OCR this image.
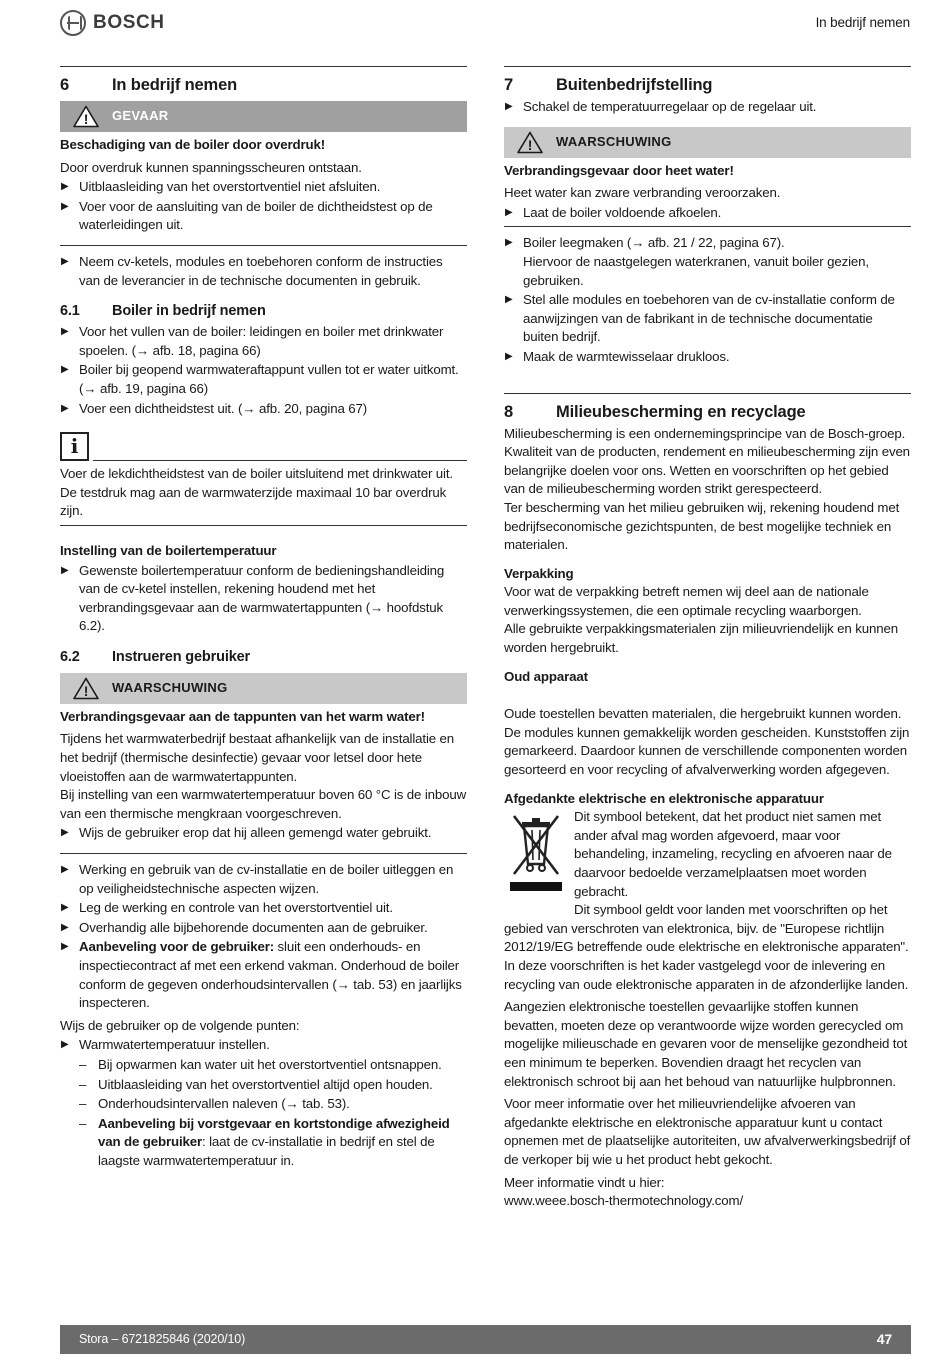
BOSCH	In bedrijf nemen
6	In bedrijf nemen
! GEVAAR

Beschadiging van de boiler door overdruk!

Door overdruk kunnen spanningsscheuren ontstaan.

▶ Uitblaasleiding van het overstortventiel niet afsluiten.
▶ Voer voor de aansluiting van de boiler de dichtheidstest op de waterleidingen uit.
▶ Neem cv-ketels, modules en toebehoren conform de instructies van de leverancier in de technische documenten in gebruik.
6.1	Boiler in bedrijf nemen
▶ Voor het vullen van de boiler: leidingen en boiler met drinkwater spoelen. (→ afb. 18, pagina 66)
▶ Boiler bij geopend warmwateraftappunt vullen tot er water uitkomt. (→ afb. 19, pagina 66)
▶ Voer een dichtheidstest uit. (→ afb. 20, pagina 67)
i

Voer de lekdichtheidstest van de boiler uitsluitend met drinkwater uit. De testdruk mag aan de warmwaterzijde maximaal 10 bar overdruk zijn.

Instelling van de boilertemperatuur

▶ Gewenste boilertemperatuur conform de bedieningshandleiding van de cv-ketel instellen, rekening houdend met het verbrandingsgevaar aan de warmwatertappunten (→ hoofdstuk 6.2).
6.2	Instrueren gebruiker
! WAARSCHUWING

Verbrandingsgevaar aan de tappunten van het warm water!

Tijdens het warmwaterbedrijf bestaat afhankelijk van de installatie en het bedrijf (thermische desinfectie) gevaar voor letsel door hete vloeistoffen aan de warmwatertappunten.

Bij instelling van een warmwatertemperatuur boven 60 °C is de inbouw van een thermische mengkraan voorgeschreven.

▶ Wijs de gebruiker erop dat hij alleen gemengd water gebruikt.
▶ Werking en gebruik van de cv-installatie en de boiler uitleggen en op veiligheidstechnische aspecten wijzen.
▶ Leg de werking en controle van het overstortventiel uit.
▶ Overhandig alle bijbehorende documenten aan de gebruiker.
▶ Aanbeveling voor de gebruiker: sluit een onderhouds- en inspectiecontract af met een erkend vakman. Onderhoud de boiler conform de gegeven onderhoudsintervallen (→ tab. 53) en jaarlijks inspecteren.

Wijs de gebruiker op de volgende punten:

▶ Warmwatertemperatuur instellen.
– Bij opwarmen kan water uit het overstortventiel ontsnappen.
– Uitblaasleiding van het overstortventiel altijd open houden.
– Onderhoudsintervallen naleven (→ tab. 53).
– Aanbeveling bij vorstgevaar en kortstondige afwezigheid van de gebruiker: laat de cv-installatie in bedrijf en stel de laagste warmwatertemperatuur in.
7	Buitenbedrijfstelling
▶ Schakel de temperatuurregelaar op de regelaar uit.
! WAARSCHUWING

Verbrandingsgevaar door heet water!

Heet water kan zware verbranding veroorzaken.

▶ Laat de boiler voldoende afkoelen.
▶ Boiler leegmaken (→ afb. 21 / 22, pagina 67).
Hiervoor de naastgelegen waterkranen, vanuit boiler gezien, gebruiken.
▶ Stel alle modules en toebehoren van de cv-installatie conform de aanwijzingen van de fabrikant in de technische documentatie buiten bedrijf.
▶ Maak de warmtewisselaar drukloos.
8	Milieubescherming en recyclage

Milieubescherming is een ondernemingsprincipe van de Bosch-groep. Kwaliteit van de producten, rendement en milieubescherming zijn even belangrijke doelen voor ons. Wetten en voorschriften op het gebied van de milieubescherming worden strikt gerespecteerd.

Ter bescherming van het milieu gebruiken wij, rekening houdend met bedrijfseconomische gezichtspunten, de best mogelijke techniek en materialen.

Verpakking

Voor wat de verpakking betreft nemen wij deel aan de nationale verwerkingssystemen, die een optimale recycling waarborgen.

Alle gebruikte verpakkingsmaterialen zijn milieuvriendelijk en kunnen worden hergebruikt.

Oud apparaat

Oude toestellen bevatten materialen, die hergebruikt kunnen worden. De modules kunnen gemakkelijk worden gescheiden. Kunststoffen zijn gemarkeerd. Daardoor kunnen de verschillende componenten worden gesorteerd en voor recycling of afvalverwerking worden afgegeven.

Afgedankte elektrische en elektronische apparatuur

Dit symbool betekent, dat het product niet samen met ander afval mag worden afgevoerd, maar voor behandeling, inzameling, recycling en afvoeren naar de daarvoor bedoelde verzamelplaatsen moet worden gebracht.

Dit symbool geldt voor landen met voorschriften op het gebied van verschroten van elektronica, bijv. de "Europese richtlijn 2012/19/EG betreffende oude elektrische en elektronische apparaten". In deze voorschriften is het kader vastgelegd voor de inlevering en recycling van oude elektronische apparaten in de afzonderlijke landen.

Aangezien elektronische toestellen gevaarlijke stoffen kunnen bevatten, moeten deze op verantwoorde wijze worden gerecycled om mogelijke milieuschade en gevaren voor de menselijke gezondheid tot een minimum te beperken. Bovendien draagt het recyclen van elektronisch schroot bij aan het behoud van natuurlijke hulpbronnen.

Voor meer informatie over het milieuvriendelijke afvoeren van afgedankte elektrische en elektronische apparatuur kunt u contact opnemen met de plaatselijke autoriteiten, uw afvalverwerkingsbedrijf of de verkoper bij wie u het product hebt gekocht.

Meer informatie vindt u hier:

www.weee.bosch-thermotechnology.com/

Stora – 6721825846 (2020/10)	47
